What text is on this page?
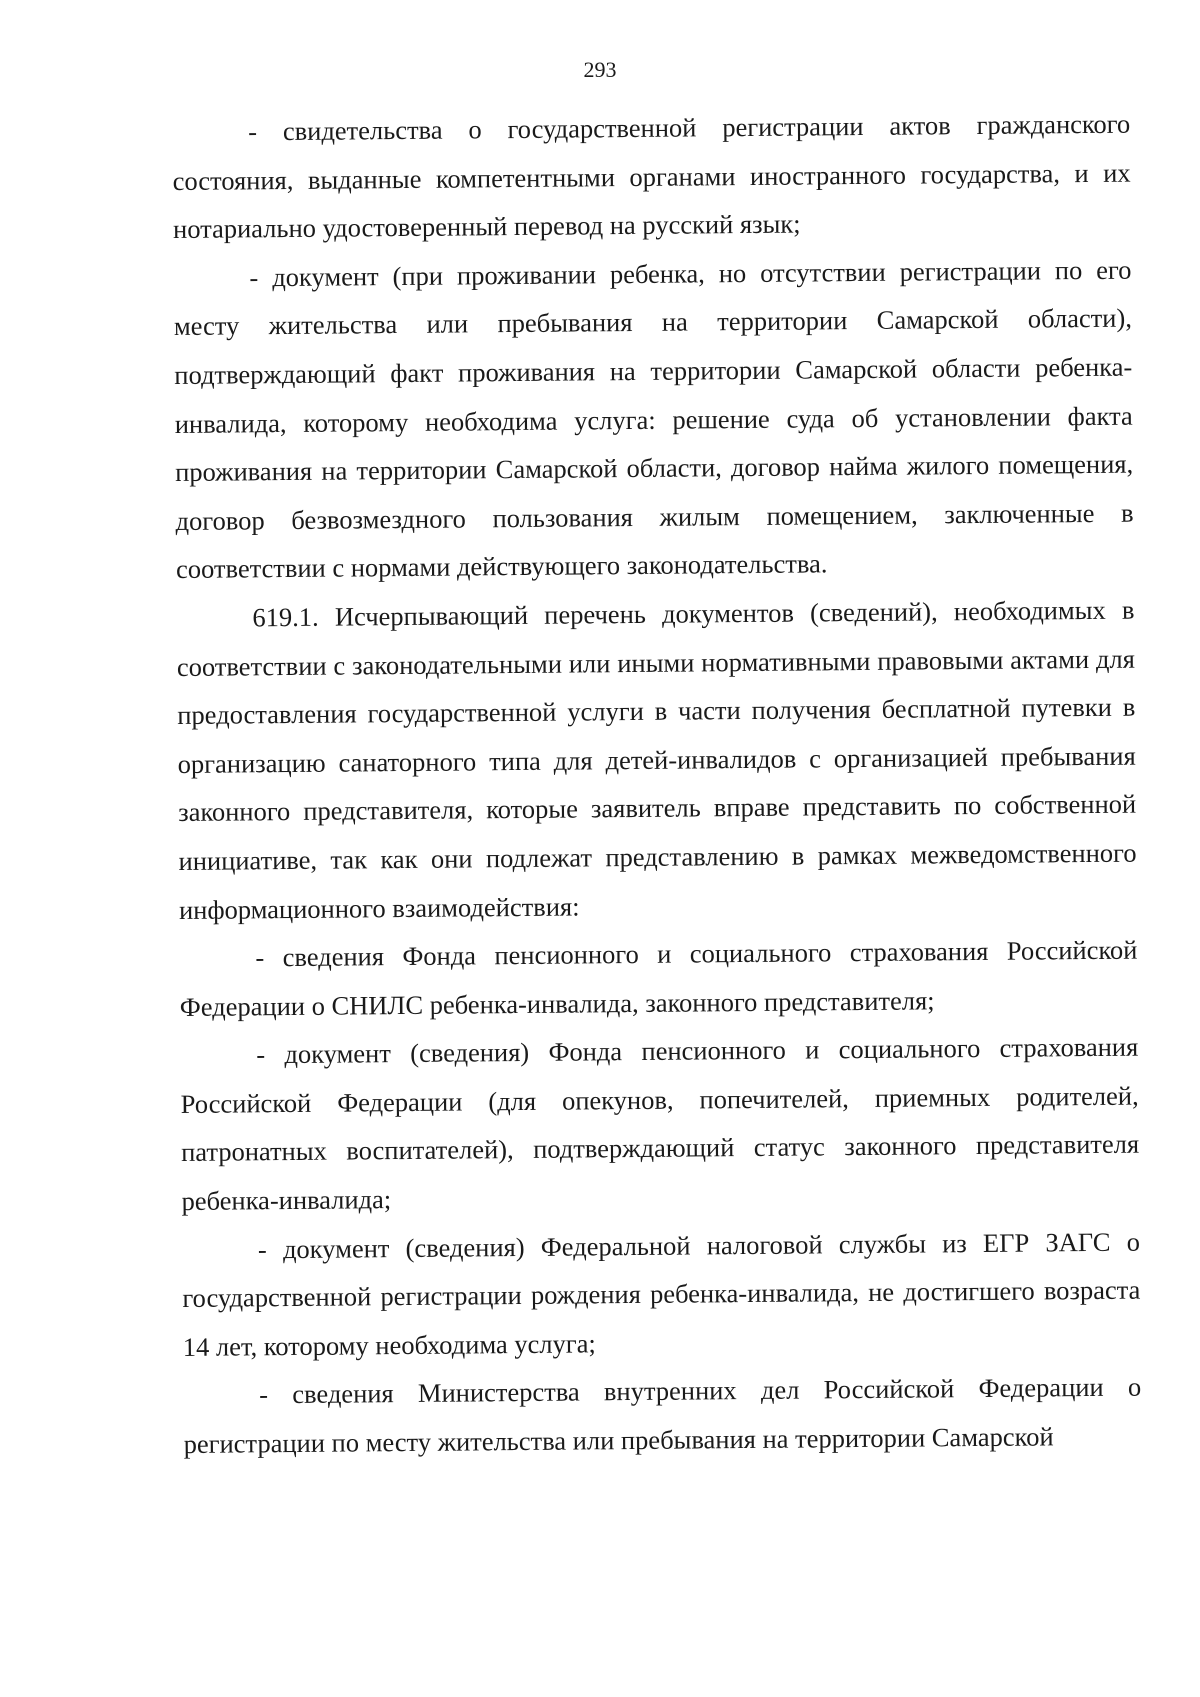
293

- свидетельства о государственной регистрации актов гражданского состояния, выданные компетентными органами иностранного государства, и их нотариально удостоверенный перевод на русский язык;

- документ (при проживании ребенка, но отсутствии регистрации по его месту жительства или пребывания на территории Самарской области), подтверждающий факт проживания на территории Самарской области ребенка-инвалида, которому необходима услуга: решение суда об установлении факта проживания на территории Самарской области, договор найма жилого помещения, договор безвозмездного пользования жилым помещением, заключенные в соответствии с нормами действующего законодательства.

619.1. Исчерпывающий перечень документов (сведений), необходимых в соответствии с законодательными или иными нормативными правовыми актами для предоставления государственной услуги в части получения бесплатной путевки в организацию санаторного типа для детей-инвалидов с организацией пребывания законного представителя, которые заявитель вправе представить по собственной инициативе, так как они подлежат представлению в рамках межведомственного информационного взаимодействия:

- сведения Фонда пенсионного и социального страхования Российской Федерации о СНИЛС ребенка-инвалида, законного представителя;

- документ (сведения) Фонда пенсионного и социального страхования Российской Федерации (для опекунов, попечителей, приемных родителей, патронатных воспитателей), подтверждающий статус законного представителя ребенка-инвалида;

- документ (сведения) Федеральной налоговой службы из ЕГР ЗАГС о государственной регистрации рождения ребенка-инвалида, не достигшего возраста 14 лет, которому необходима услуга;

- сведения Министерства внутренних дел Российской Федерации о регистрации по месту жительства или пребывания на территории Самарской
